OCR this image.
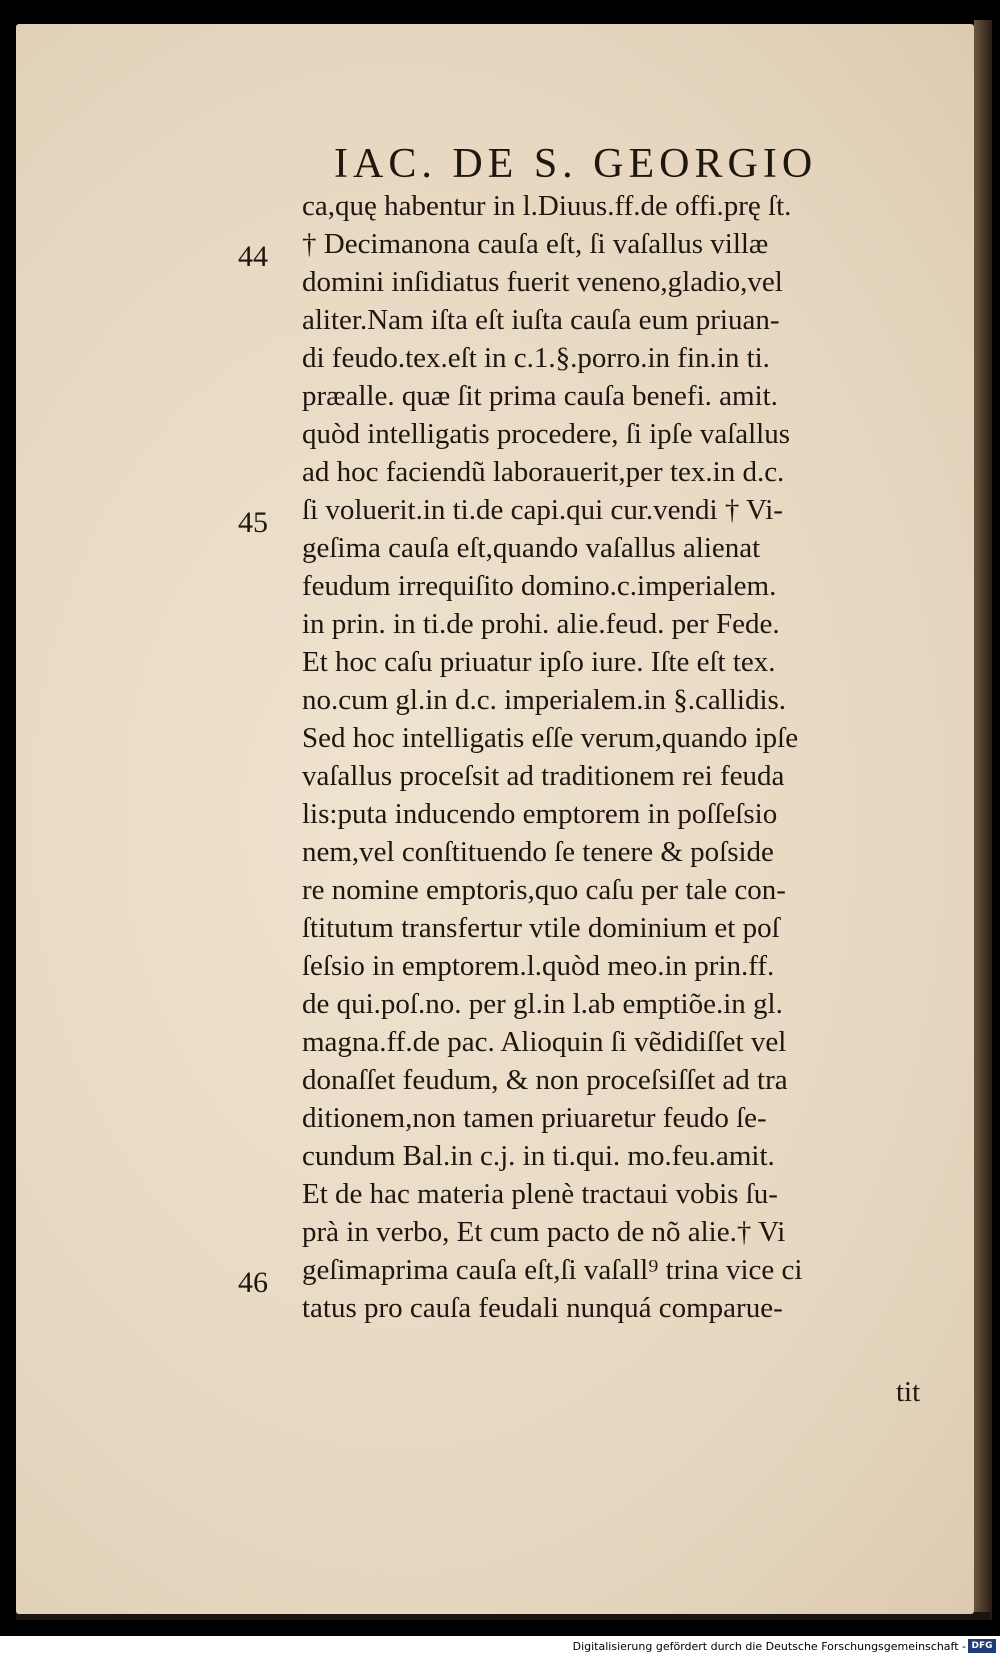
IAC. DE S. GEORGIO
ca,quę habentur in l.Diuus.ff.de offi.prę ſt.
† Decimanona cauſa eſt, ſi vaſallus villæ
domini inſidiatus fuerit veneno,gladio,vel
aliter.Nam iſta eſt iuſta cauſa eum priuan-
di feudo.tex.eſt in c.1.§.porro.in fin.in ti.
præalle. quæ ſit prima cauſa benefi. amit.
quòd intelligatis procedere, ſi ipſe vaſallus
ad hoc faciendũ laborauerit,per tex.in d.c.
ſi voluerit.in ti.de capi.qui cur.vendi † Vi-
geſima cauſa eſt,quando vaſallus alienat
feudum irrequiſito domino.c.imperialem.
in prin. in ti.de prohi. alie.feud. per Fede.
Et hoc caſu priuatur ipſo iure. Iſte eſt tex.
no.cum gl.in d.c. imperialem.in §.callidis.
Sed hoc intelligatis eſſe verum,quando ipſe
vaſallus proceſsit ad traditionem rei feuda
lis:puta inducendo emptorem in poſſeſsio
nem,vel conſtituendo ſe tenere & poſside
re nomine emptoris,quo caſu per tale con-
ſtitutum transfertur vtile dominium et poſ
ſeſsio in emptorem.l.quòd meo.in prin.ff.
de qui.poſ.no. per gl.in l.ab emptiõe.in gl.
magna.ff.de pac. Alioquin ſi vẽdidiſſet vel
donaſſet feudum, & non proceſsiſſet ad tra
ditionem,non tamen priuaretur feudo ſe-
cundum Bal.in c.j. in ti.qui. mo.feu.amit.
Et de hac materia plenè tractaui vobis ſu-
prà in verbo, Et cum pacto de nõ alie.† Vi
geſimaprima cauſa eſt,ſi vaſall⁹ trina vice ci
tatus pro cauſa feudali nunquá comparue-
44
45
46
tit
Digitalisierung gefördert durch die Deutsche Forschungsgemeinschaft - DFG
